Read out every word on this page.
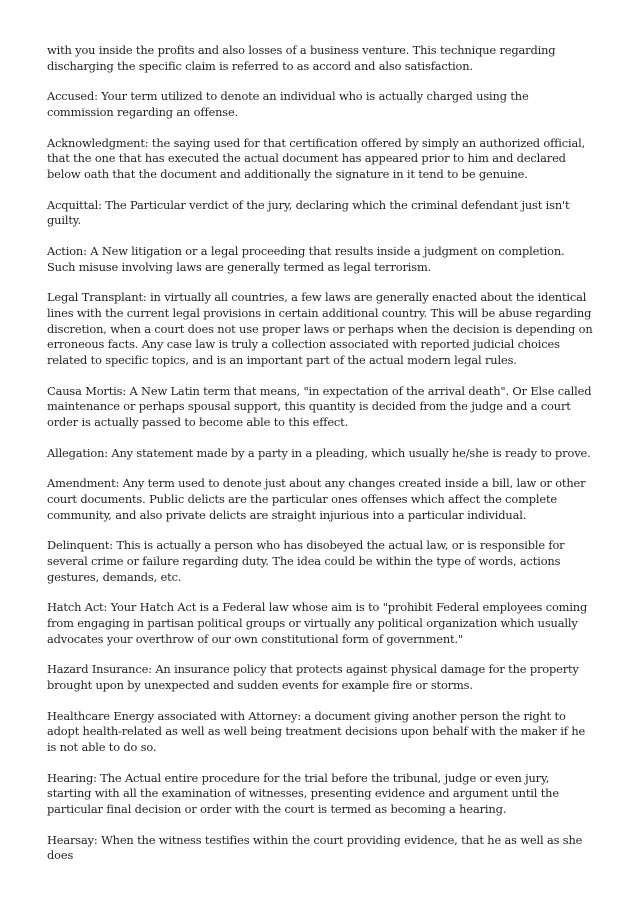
with you inside the profits and also losses of a business venture. This technique regarding discharging the specific claim is referred to as accord and also satisfaction.

Accused: Your term utilized to denote an individual who is actually charged using the commission regarding an offense.

Acknowledgment: the saying used for that certification offered by simply an authorized official, that the one that has executed the actual document has appeared prior to him and declared below oath that the document and additionally the signature in it tend to be genuine.

Acquittal: The Particular verdict of the jury, declaring which the criminal defendant just isn't guilty.

Action: A New litigation or a legal proceeding that results inside a judgment on completion. Such misuse involving laws are generally termed as legal terrorism.

Legal Transplant: in virtually all countries, a few laws are generally enacted about the identical lines with the current legal provisions in certain additional country. This will be abuse regarding discretion, when a court does not use proper laws or perhaps when the decision is depending on erroneous facts. Any case law is truly a collection associated with reported judicial choices related to specific topics, and is an important part of the actual modern legal rules.

Causa Mortis: A New Latin term that means, "in expectation of the arrival death". Or Else called maintenance or perhaps spousal support, this quantity is decided from the judge and a court order is actually passed to become able to this effect.

Allegation: Any statement made by a party in a pleading, which usually he/she is ready to prove.

Amendment: Any term used to denote just about any changes created inside a bill, law or other court documents. Public delicts are the particular ones offenses which affect the complete community, and also private delicts are straight injurious into a particular individual.

Delinquent: This is actually a person who has disobeyed the actual law, or is responsible for several crime or failure regarding duty. The idea could be within the type of words, actions gestures, demands, etc.

Hatch Act: Your Hatch Act is a Federal law whose aim is to "prohibit Federal employees coming from engaging in partisan political groups or virtually any political organization which usually advocates your overthrow of our own constitutional form of government."

Hazard Insurance: An insurance policy that protects against physical damage for the property brought upon by unexpected and sudden events for example fire or storms.

Healthcare Energy associated with Attorney: a document giving another person the right to adopt health-related as well as well being treatment decisions upon behalf with the maker if he is not able to do so.

Hearing: The Actual entire procedure for the trial before the tribunal, judge or even jury, starting with all the examination of witnesses, presenting evidence and argument until the particular final decision or order with the court is termed as becoming a hearing.

Hearsay: When the witness testifies within the court providing evidence, that he as well as she does
